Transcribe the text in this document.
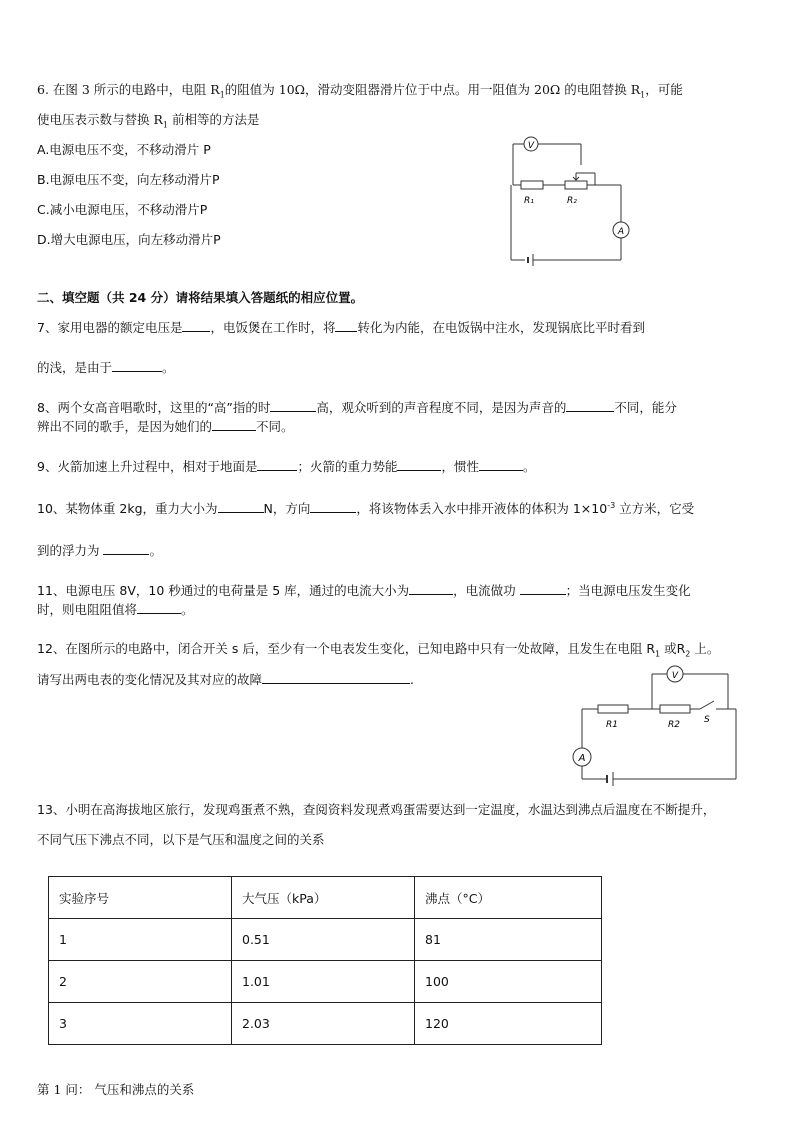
6. 在图 3 所示的电路中，电阻 $R_1$的阻值为 10Ω，滑动变阻器滑片位于中点。用一阻值为 20Ω 的电阻替换 $R_1$，可能
使电压表示数与替换 $R_1$ 前相等的方法是
A.电源电压不变，不移动滑片 P
B.电源电压不变，向左移动滑片P
C.减小电源电压，不移动滑片P
D.增大电源电压，向左移动滑片P
V
A
R₁	R₂
二、填空题（共 24 分）请将结果填入答题纸的相应位置。
7、家用电器的额定电压是 ，电饭煲在工作时，将 转化为内能，在电饭锅中注水，发现锅底比平时看到
的浅，是由于	。
8、两个女高音唱歌时，这里的“高”指的时	高，观众听到的声音程度不同，是因为声音的	不同，能分
辨出不同的歌手，是因为她们的	不同。
9、火箭加速上升过程中，相对于地面是	；火箭的重力势能	，惯性	。
10、某物体重 2kg，重力大小为	N，方向	，将该物体丢入水中排开液体的体积为 $1\times 10^{-3}$ 立方米，它受
到的浮力为	。
11、电源电压 8V，10 秒通过的电荷量是 5 库，通过的电流大小为	，电流做功	；当电源电压发生变化
时，则电阻阻值将	。
12、在图所示的电路中，闭合开关 s 后，至少有一个电表发生变化，已知电路中只有一处故障，且发生在电阻 $R_1$ 或$R_2$ 上。
请写出两电表的变化情况及其对应的故障	.	V
A
R1	R2	S
13、小明在高海拔地区旅行，发现鸡蛋煮不熟，查阅资料发现煮鸡蛋需要达到一定温度，水温达到沸点后温度在不断提升，
不同气压下沸点不同，以下是气压和温度之间的关系
实验序号	大气压（kPa）	沸点（°C）
1	0.51	81
2	1.01	100
3	2.03	120
第 1 问： 气压和沸点的关系
